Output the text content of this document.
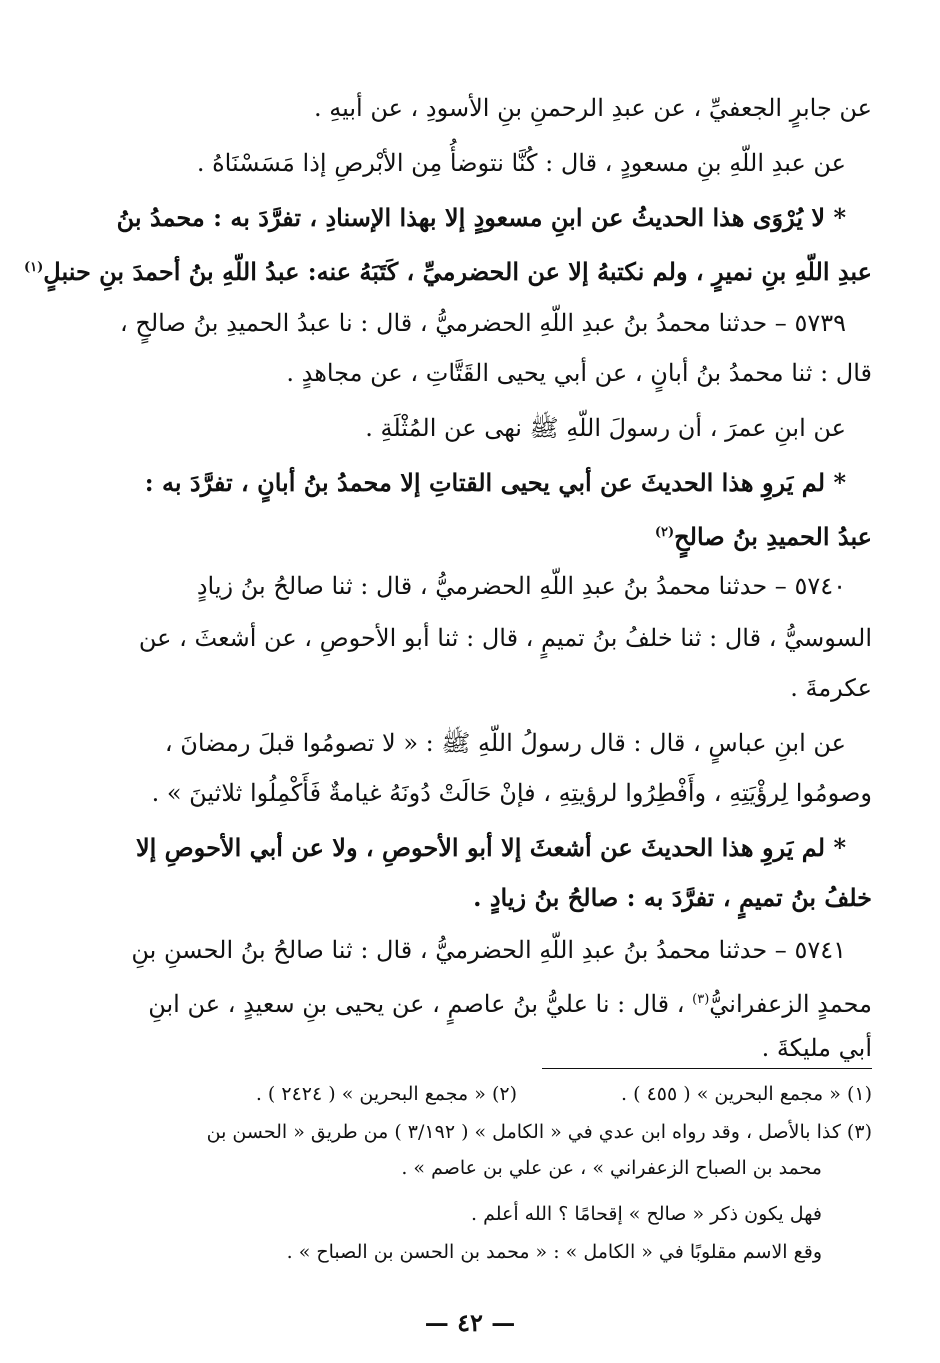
عن جابرٍ الجعفيِّ ، عن عبدِ الرحمنِ بنِ الأسودِ ، عن أبيهِ .
عن عبدِ اللّهِ بنِ مسعودٍ ، قال : كُنَّا نتوضأُ مِن الأبْرصِ إذا مَسَسْنَاهُ .
* لا يُرْوَى هذا الحديثُ عن ابنِ مسعودٍ إلا بهذا الإسنادِ ، تفرَّدَ به : محمدُ بنُ
عبدِ اللّهِ بنِ نميرٍ ، ولم نكتبهُ إلا عن الحضرميِّ ، كَتَبَهُ عنه: عبدُ اللّهِ بنُ أحمدَ بنِ حنبلٍ$^{(١)}$
٥٧٣٩ – حدثنا محمدُ بنُ عبدِ اللّهِ الحضرميُّ ، قال : نا عبدُ الحميدِ بنُ صالحٍ ،
قال : ثنا محمدُ بنُ أبانٍ ، عن أبي يحيى القَتَّاتِ ، عن مجاهدٍ .
عن ابنِ عمرَ ، أن رسولَ اللّهِ ﷺ نهى عن المُثْلَةِ .
* لم يَروِ هذا الحديثَ عن أبي يحيى القتاتِ إلا محمدُ بنُ أبانٍ ، تفرَّدَ به :
عبدُ الحميدِ بنُ صالحٍ$^{(٢)}$
٥٧٤٠ – حدثنا محمدُ بنُ عبدِ اللّهِ الحضرميُّ ، قال : ثنا صالحُ بنُ زيادٍ
السوسيُّ ، قال : ثنا خلفُ بنُ تميمٍ ، قال : ثنا أبو الأحوصِ ، عن أشعثَ ، عن
عكرمةَ .
عن ابنِ عباسٍ ، قال : قال رسولُ اللّهِ ﷺ : « لا تصومُوا قبلَ رمضانَ ،
وصومُوا لِرؤْيَتِهِ ، وأَفْطِرُوا لرؤيتِهِ ، فإنْ حَالَتْ دُونَهُ غيامةٌ فَأَكْمِلُوا ثلاثينَ » .
* لم يَروِ هذا الحديثَ عن أشعثَ إلا أبو الأحوصِ ، ولا عن أبي الأحوصِ إلا
خلفُ بنُ تميمٍ ، تفرَّدَ به : صالحُ بنُ زيادٍ .
٥٧٤١ – حدثنا محمدُ بنُ عبدِ اللّهِ الحضرميُّ ، قال : ثنا صالحُ بنُ الحسنِ بنِ
محمدٍ الزعفرانيُّ$^{(٣)}$ ، قال : نا عليُّ بنُ عاصمٍ ، عن يحيى بنِ سعيدٍ ، عن ابنِ
أبي مليكةَ .
(١) « مجمع البحرين » ( ٤٥٥ ) .
(٢) « مجمع البحرين » ( ٢٤٢٤ ) .
(٣) كذا بالأصل ، وقد رواه ابن عدي في « الكامل » ( ٣/١٩٢ ) من طريق « الحسن بن
محمد بن الصباح الزعفراني » ، عن علي بن عاصم » .
فهل يكون ذكر « صالح » إقحامًا ؟ الله أعلم .
وقع الاسم مقلوبًا في « الكامل » : « محمد بن الحسن بن الصباح » .
— ٤٢ —
